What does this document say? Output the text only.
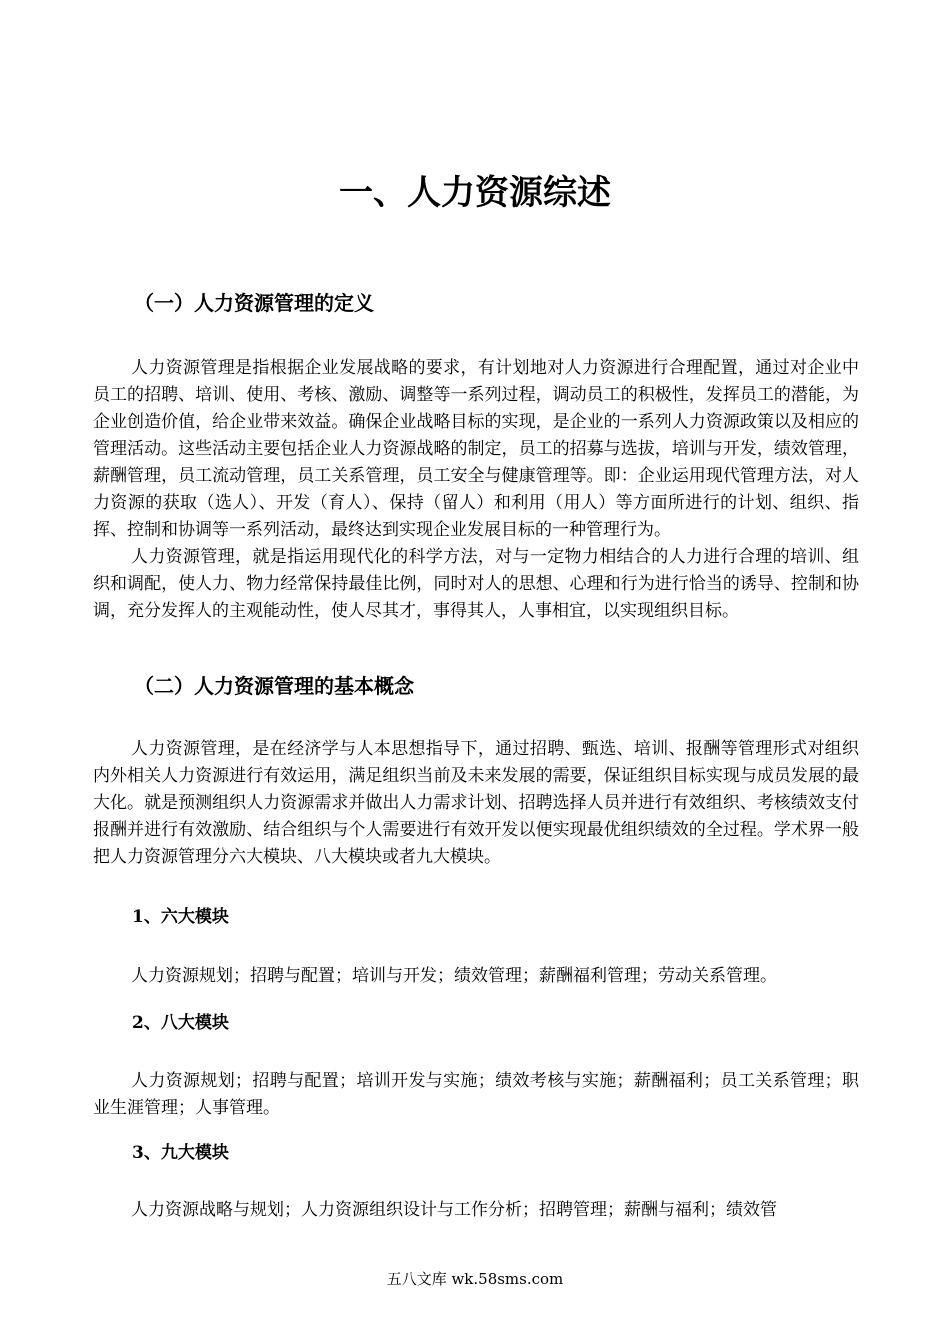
一、人力资源综述
（一）人力资源管理的定义

人力资源管理是指根据企业发展战略的要求，有计划地对人力资源进行合理配置，通过对企业中员工的招聘、培训、使用、考核、激励、调整等一系列过程，调动员工的积极性，发挥员工的潜能，为企业创造价值，给企业带来效益。确保企业战略目标的实现，是企业的一系列人力资源政策以及相应的管理活动。这些活动主要包括企业人力资源战略的制定，员工的招募与选拔，培训与开发，绩效管理，薪酬管理，员工流动管理，员工关系管理，员工安全与健康管理等。即：企业运用现代管理方法，对人力资源的获取（选人）、开发（育人）、保持（留人）和利用（用人）等方面所进行的计划、组织、指挥、控制和协调等一系列活动，最终达到实现企业发展目标的一种管理行为。

人力资源管理，就是指运用现代化的科学方法，对与一定物力相结合的人力进行合理的培训、组织和调配，使人力、物力经常保持最佳比例，同时对人的思想、心理和行为进行恰当的诱导、控制和协调，充分发挥人的主观能动性，使人尽其才，事得其人，人事相宜，以实现组织目标。

（二）人力资源管理的基本概念

人力资源管理，是在经济学与人本思想指导下，通过招聘、甄选、培训、报酬等管理形式对组织内外相关人力资源进行有效运用，满足组织当前及未来发展的需要，保证组织目标实现与成员发展的最大化。就是预测组织人力资源需求并做出人力需求计划、招聘选择人员并进行有效组织、考核绩效支付报酬并进行有效激励、结合组织与个人需要进行有效开发以便实现最优组织绩效的全过程。学术界一般把人力资源管理分六大模块、八大模块或者九大模块。

1、六大模块

人力资源规划；招聘与配置；培训与开发；绩效管理；薪酬福利管理；劳动关系管理。

2、八大模块

人力资源规划；招聘与配置；培训开发与实施；绩效考核与实施；薪酬福利；员工关系管理；职业生涯管理；人事管理。

3、九大模块

人力资源战略与规划；人力资源组织设计与工作分析；招聘管理；薪酬与福利；绩效管

五八文库 wk.58sms.com
